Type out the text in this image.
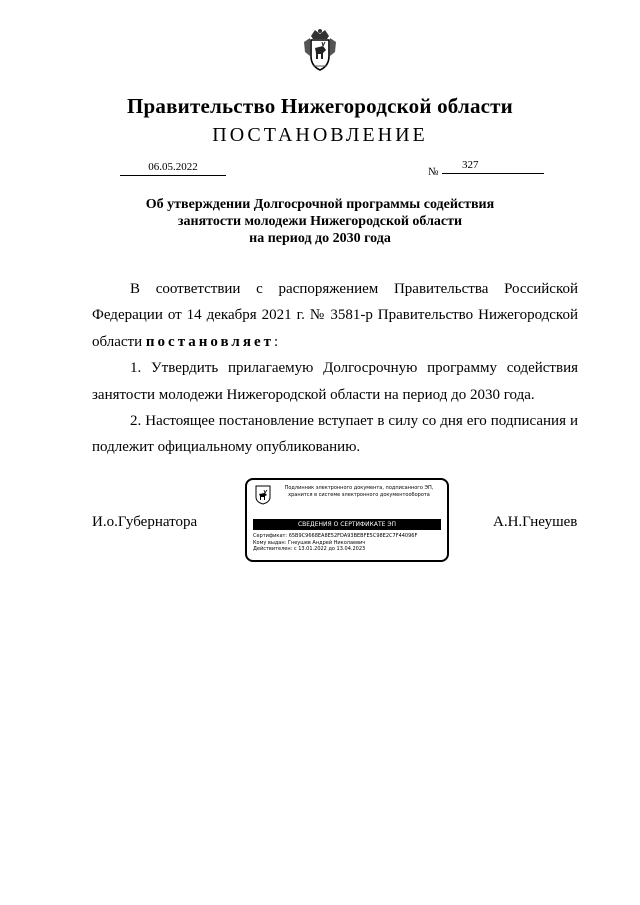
Правительство Нижегородской области
ПОСТАНОВЛЕНИЕ
06.05.2022	№
327
Об утверждении Долгосрочной программы содействия
занятости молодежи Нижегородской области
на период до 2030 года

В соответствии с распоряжением Правительства Российской Федерации от 14 декабря 2021 г. № 3581-р Правительство Нижегородской области постановляет:

1. Утвердить прилагаемую Долгосрочную программу содействия занятости молодежи Нижегородской области на период до 2030 года.

2. Настоящее постановление вступает в силу со дня его подписания и подлежит официальному опубликованию.

И.о.Губернатора	А.Н.Гнеушев
Подлинник электронного документа, подписанного ЭП,
хранится в системе электронного документооборота
СВЕДЕНИЯ О СЕРТИФИКАТЕ ЭП
Сертификат: 65B9C9668EA8E52FDA93BEBFE5C98E2C7F44096F
Кому выдан: Гнеушев Андрей Николаевич
Действителен: с 13.01.2022 до 13.04.2023
